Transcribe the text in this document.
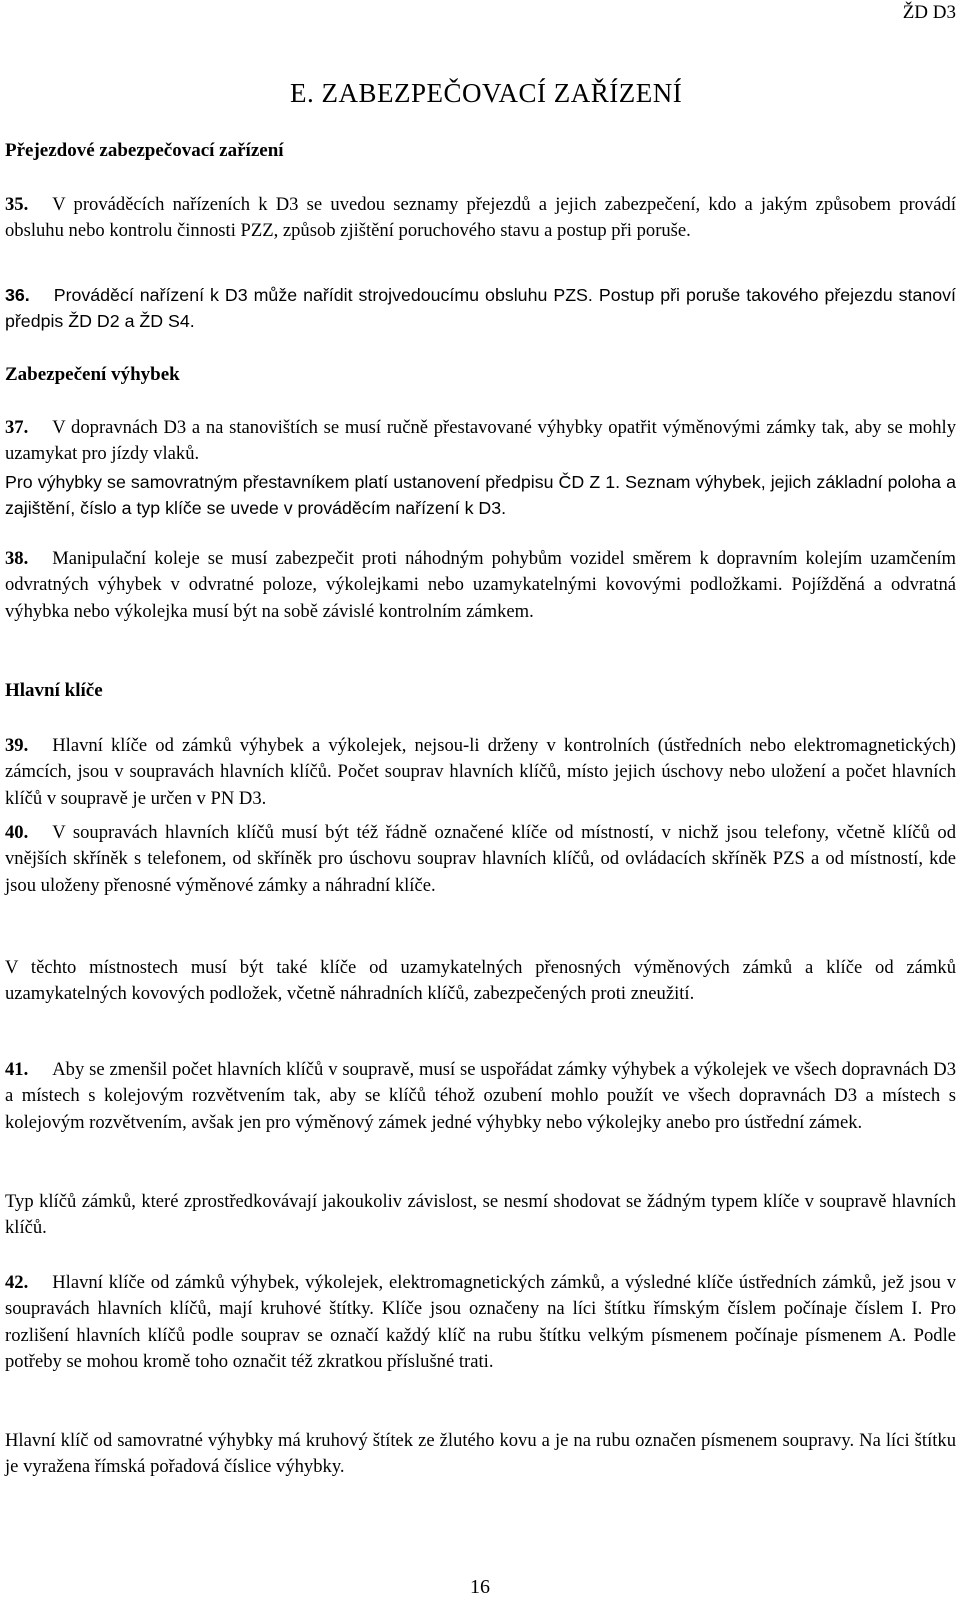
ŽD D3
E. ZABEZPEČOVACÍ ZAŘÍZENÍ
Přejezdové zabezpečovací zařízení
35. V prováděcích nařízeních k D3 se uvedou seznamy přejezdů a jejich zabezpečení, kdo a jakým způsobem provádí obsluhu nebo kontrolu činnosti PZZ, způsob zjištění poruchového stavu a postup při poruše.
36. Prováděcí nařízení k D3 může nařídit strojvedoucímu obsluhu PZS. Postup při poruše takového přejezdu stanoví předpis ŽD D2 a ŽD S4.
Zabezpečení výhybek
37. V dopravnách D3 a na stanovištích se musí ručně přestavované výhybky opatřit výměnovými zámky tak, aby se mohly uzamykat pro jízdy vlaků.
Pro výhybky se samovratným přestavníkem platí ustanovení předpisu ČD Z 1. Seznam výhybek, jejich základní poloha a zajištění, číslo a typ klíče se uvede v prováděcím nařízení k D3.
38. Manipulační koleje se musí zabezpečit proti náhodným pohybům vozidel směrem k dopravním kolejím uzamčením odvratných výhybek v odvratné poloze, výkolejkami nebo uzamykatelnými kovovými podložkami. Pojížděná a odvratná výhybka nebo výkolejka musí být na sobě závislé kontrolním zámkem.
Hlavní klíče
39. Hlavní klíče od zámků výhybek a výkolejek, nejsou-li drženy v kontrolních (ústředních nebo elektromagnetických) zámcích, jsou v soupravách hlavních klíčů. Počet souprav hlavních klíčů, místo jejich úschovy nebo uložení a počet hlavních klíčů v soupravě je určen v PN D3.
40. V soupravách hlavních klíčů musí být též řádně označené klíče od místností, v nichž jsou telefony, včetně klíčů od vnějších skříněk s telefonem, od skříněk pro úschovu souprav hlavních klíčů, od ovládacích skříněk PZS a od místností, kde jsou uloženy přenosné výměnové zámky a náhradní klíče.
V těchto místnostech musí být také klíče od uzamykatelných přenosných výměnových zámků a klíče od zámků uzamykatelných kovových podložek, včetně náhradních klíčů, zabezpečených proti zneužití.
41. Aby se zmenšil počet hlavních klíčů v soupravě, musí se uspořádat zámky výhybek a výkolejek ve všech dopravnách D3 a místech s kolejovým rozvětvením tak, aby se klíčů téhož ozubení mohlo použít ve všech dopravnách D3 a místech s kolejovým rozvětvením, avšak jen pro výměnový zámek jedné výhybky nebo výkolejky anebo pro ústřední zámek.
Typ klíčů zámků, které zprostředkovávají jakoukoliv závislost, se nesmí shodovat se žádným typem klíče v soupravě hlavních klíčů.
42. Hlavní klíče od zámků výhybek, výkolejek, elektromagnetických zámků, a výsledné klíče ústředních zámků, jež jsou v soupravách hlavních klíčů, mají kruhové štítky. Klíče jsou označeny na líci štítku římským číslem počínaje číslem I. Pro rozlišení hlavních klíčů podle souprav se označí každý klíč na rubu štítku velkým písmenem počínaje písmenem A. Podle potřeby se mohou kromě toho označit též zkratkou příslušné trati.
Hlavní klíč od samovratné výhybky má kruhový štítek ze žlutého kovu a je na rubu označen písmenem soupravy. Na líci štítku je vyražena římská pořadová číslice výhybky.
16
